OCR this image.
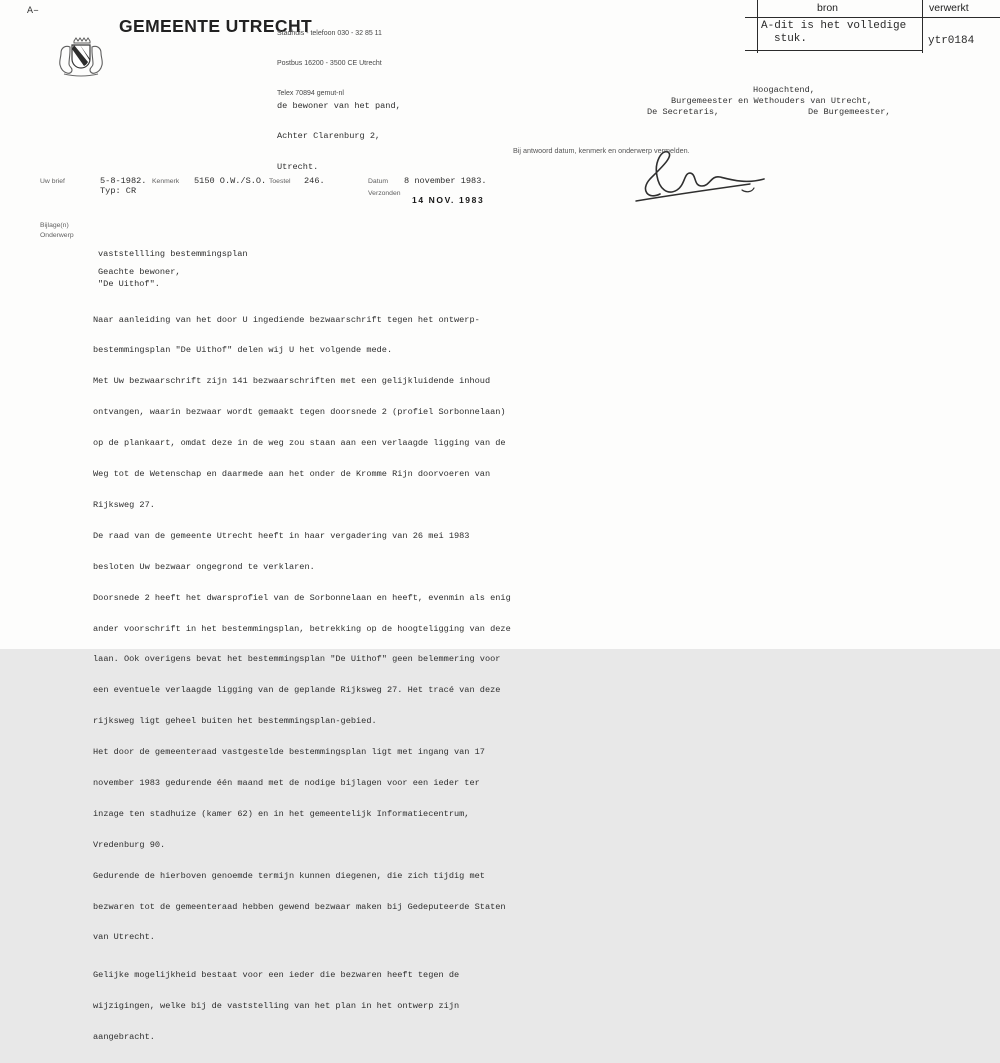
A–

GEMEENTE UTRECHT

Stadhuis - telefoon 030 - 32 85 11

Postbus 16200 - 3500 CE Utrecht

Telex 70894 gemut-nl

bron

	verwerkt

A-dit is het volledige

stuk.

	ytr0184

de bewoner van het pand,

Achter Clarenburg 2,

Utrecht.

Hoogachtend,
Burgemeester en Wethouders van Utrecht,
De Secretaris,	De Burgemeester,

Bij antwoord datum, kenmerk en onderwerp vermelden.
Uw brief	5-8-1982.
Typ: CR
Kenmerk 5150 O.W./S.O. Toestel 246.	Datum 8 november 1983.
Verzonden
14 NOV. 1983
Bijlage(n)
Onderwerp

vaststellling bestemmingsplan

"De Uithof".

Geachte bewoner,

Naar aanleiding van het door U ingediende bezwaarschrift tegen het ontwerp-

bestemmingsplan "De Uithof" delen wij U het volgende mede.

Met Uw bezwaarschrift zijn 141 bezwaarschriften met een gelijkluidende inhoud

ontvangen, waarin bezwaar wordt gemaakt tegen doorsnede 2 (profiel Sorbonnelaan)

op de plankaart, omdat deze in de weg zou staan aan een verlaagde ligging van de

Weg tot de Wetenschap en daarmede aan het onder de Kromme Rijn doorvoeren van

Rijksweg 27.

De raad van de gemeente Utrecht heeft in haar vergadering van 26 mei 1983

besloten Uw bezwaar ongegrond te verklaren.

Doorsnede 2 heeft het dwarsprofiel van de Sorbonnelaan en heeft, evenmin als enig

ander voorschrift in het bestemmingsplan, betrekking op de hoogteligging van deze

laan. Ook overigens bevat het bestemmingsplan "De Uithof" geen belemmering voor

een eventuele verlaagde ligging van de geplande Rijksweg 27. Het tracé van deze

rijksweg ligt geheel buiten het bestemmingsplan-gebied.

Het door de gemeenteraad vastgestelde bestemmingsplan ligt met ingang van 17

november 1983 gedurende één maand met de nodige bijlagen voor een ieder ter

inzage ten stadhuize (kamer 62) en in het gemeentelijk Informatiecentrum,

Vredenburg 90.

Gedurende de hierboven genoemde termijn kunnen diegenen, die zich tijdig met

bezwaren tot de gemeenteraad hebben gewend bezwaar maken bij Gedeputeerde Staten

van Utrecht.

Gelijke mogelijkheid bestaat voor een ieder die bezwaren heeft tegen de

wijzigingen, welke bij de vaststelling van het plan in het ontwerp zijn

aangebracht.
